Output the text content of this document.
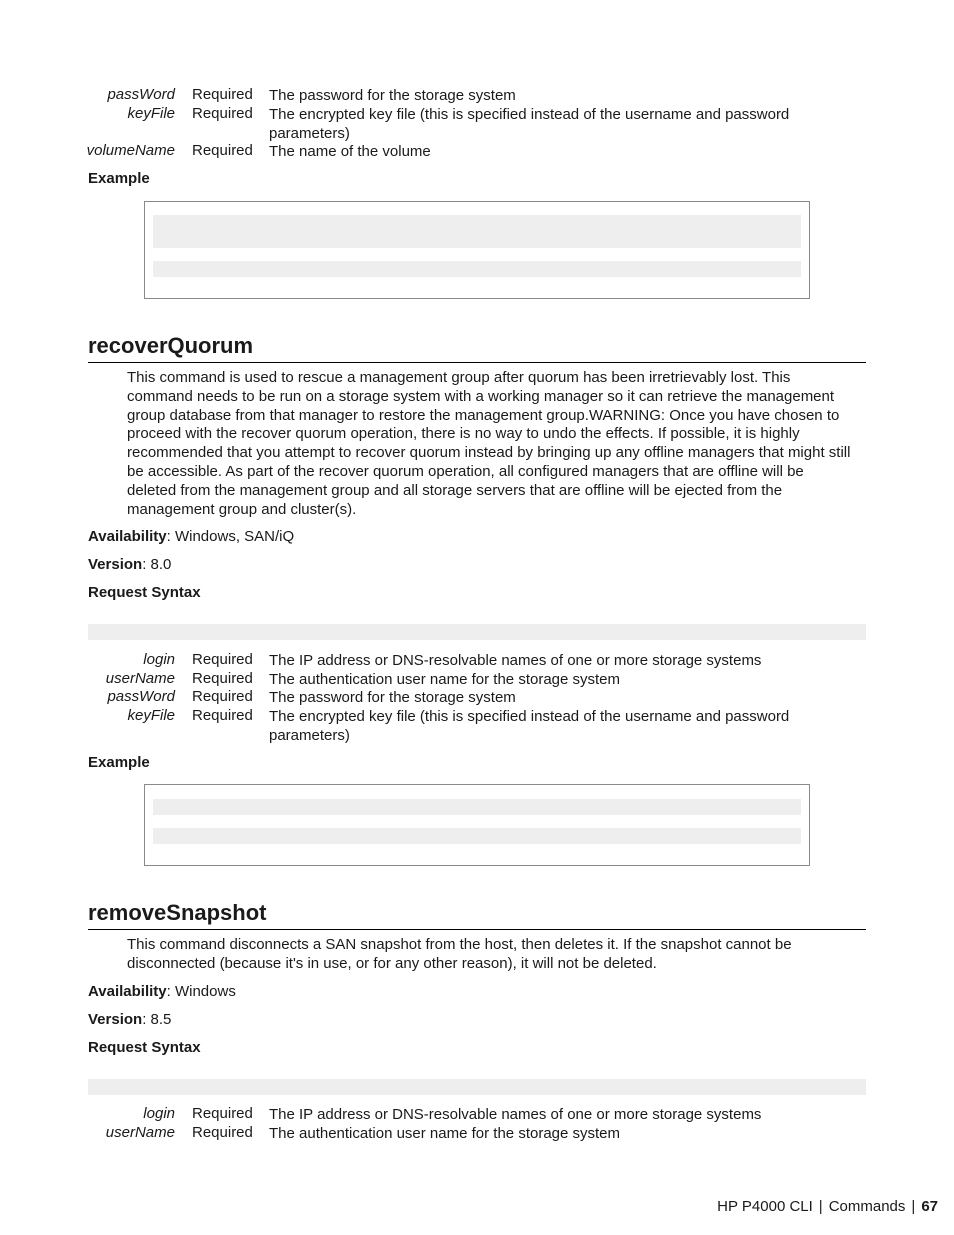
passWord Required The password for the storage system
keyFile Required The encrypted key file (this is specified instead of the username and password parameters)
volumeName Required The name of the volume
Example
recoverQuorum
This command is used to rescue a management group after quorum has been irretrievably lost. This command needs to be run on a storage system with a working manager so it can retrieve the management group database from that manager to restore the management group.WARNING: Once you have chosen to proceed with the recover quorum operation, there is no way to undo the effects. If possible, it is highly recommended that you attempt to recover quorum instead by bringing up any offline managers that might still be accessible. As part of the recover quorum operation, all configured managers that are offline will be deleted from the management group and all storage servers that are offline will be ejected from the management group and cluster(s).
Availability: Windows, SAN/iQ
Version: 8.0
Request Syntax
login Required The IP address or DNS-resolvable names of one or more storage systems
userName Required The authentication user name for the storage system
passWord Required The password for the storage system
keyFile Required The encrypted key file (this is specified instead of the username and password parameters)
Example
removeSnapshot
This command disconnects a SAN snapshot from the host, then deletes it. If the snapshot cannot be disconnected (because it's in use, or for any other reason), it will not be deleted.
Availability: Windows
Version: 8.5
Request Syntax
login Required The IP address or DNS-resolvable names of one or more storage systems
userName Required The authentication user name for the storage system
HP P4000 CLI | Commands | 67
